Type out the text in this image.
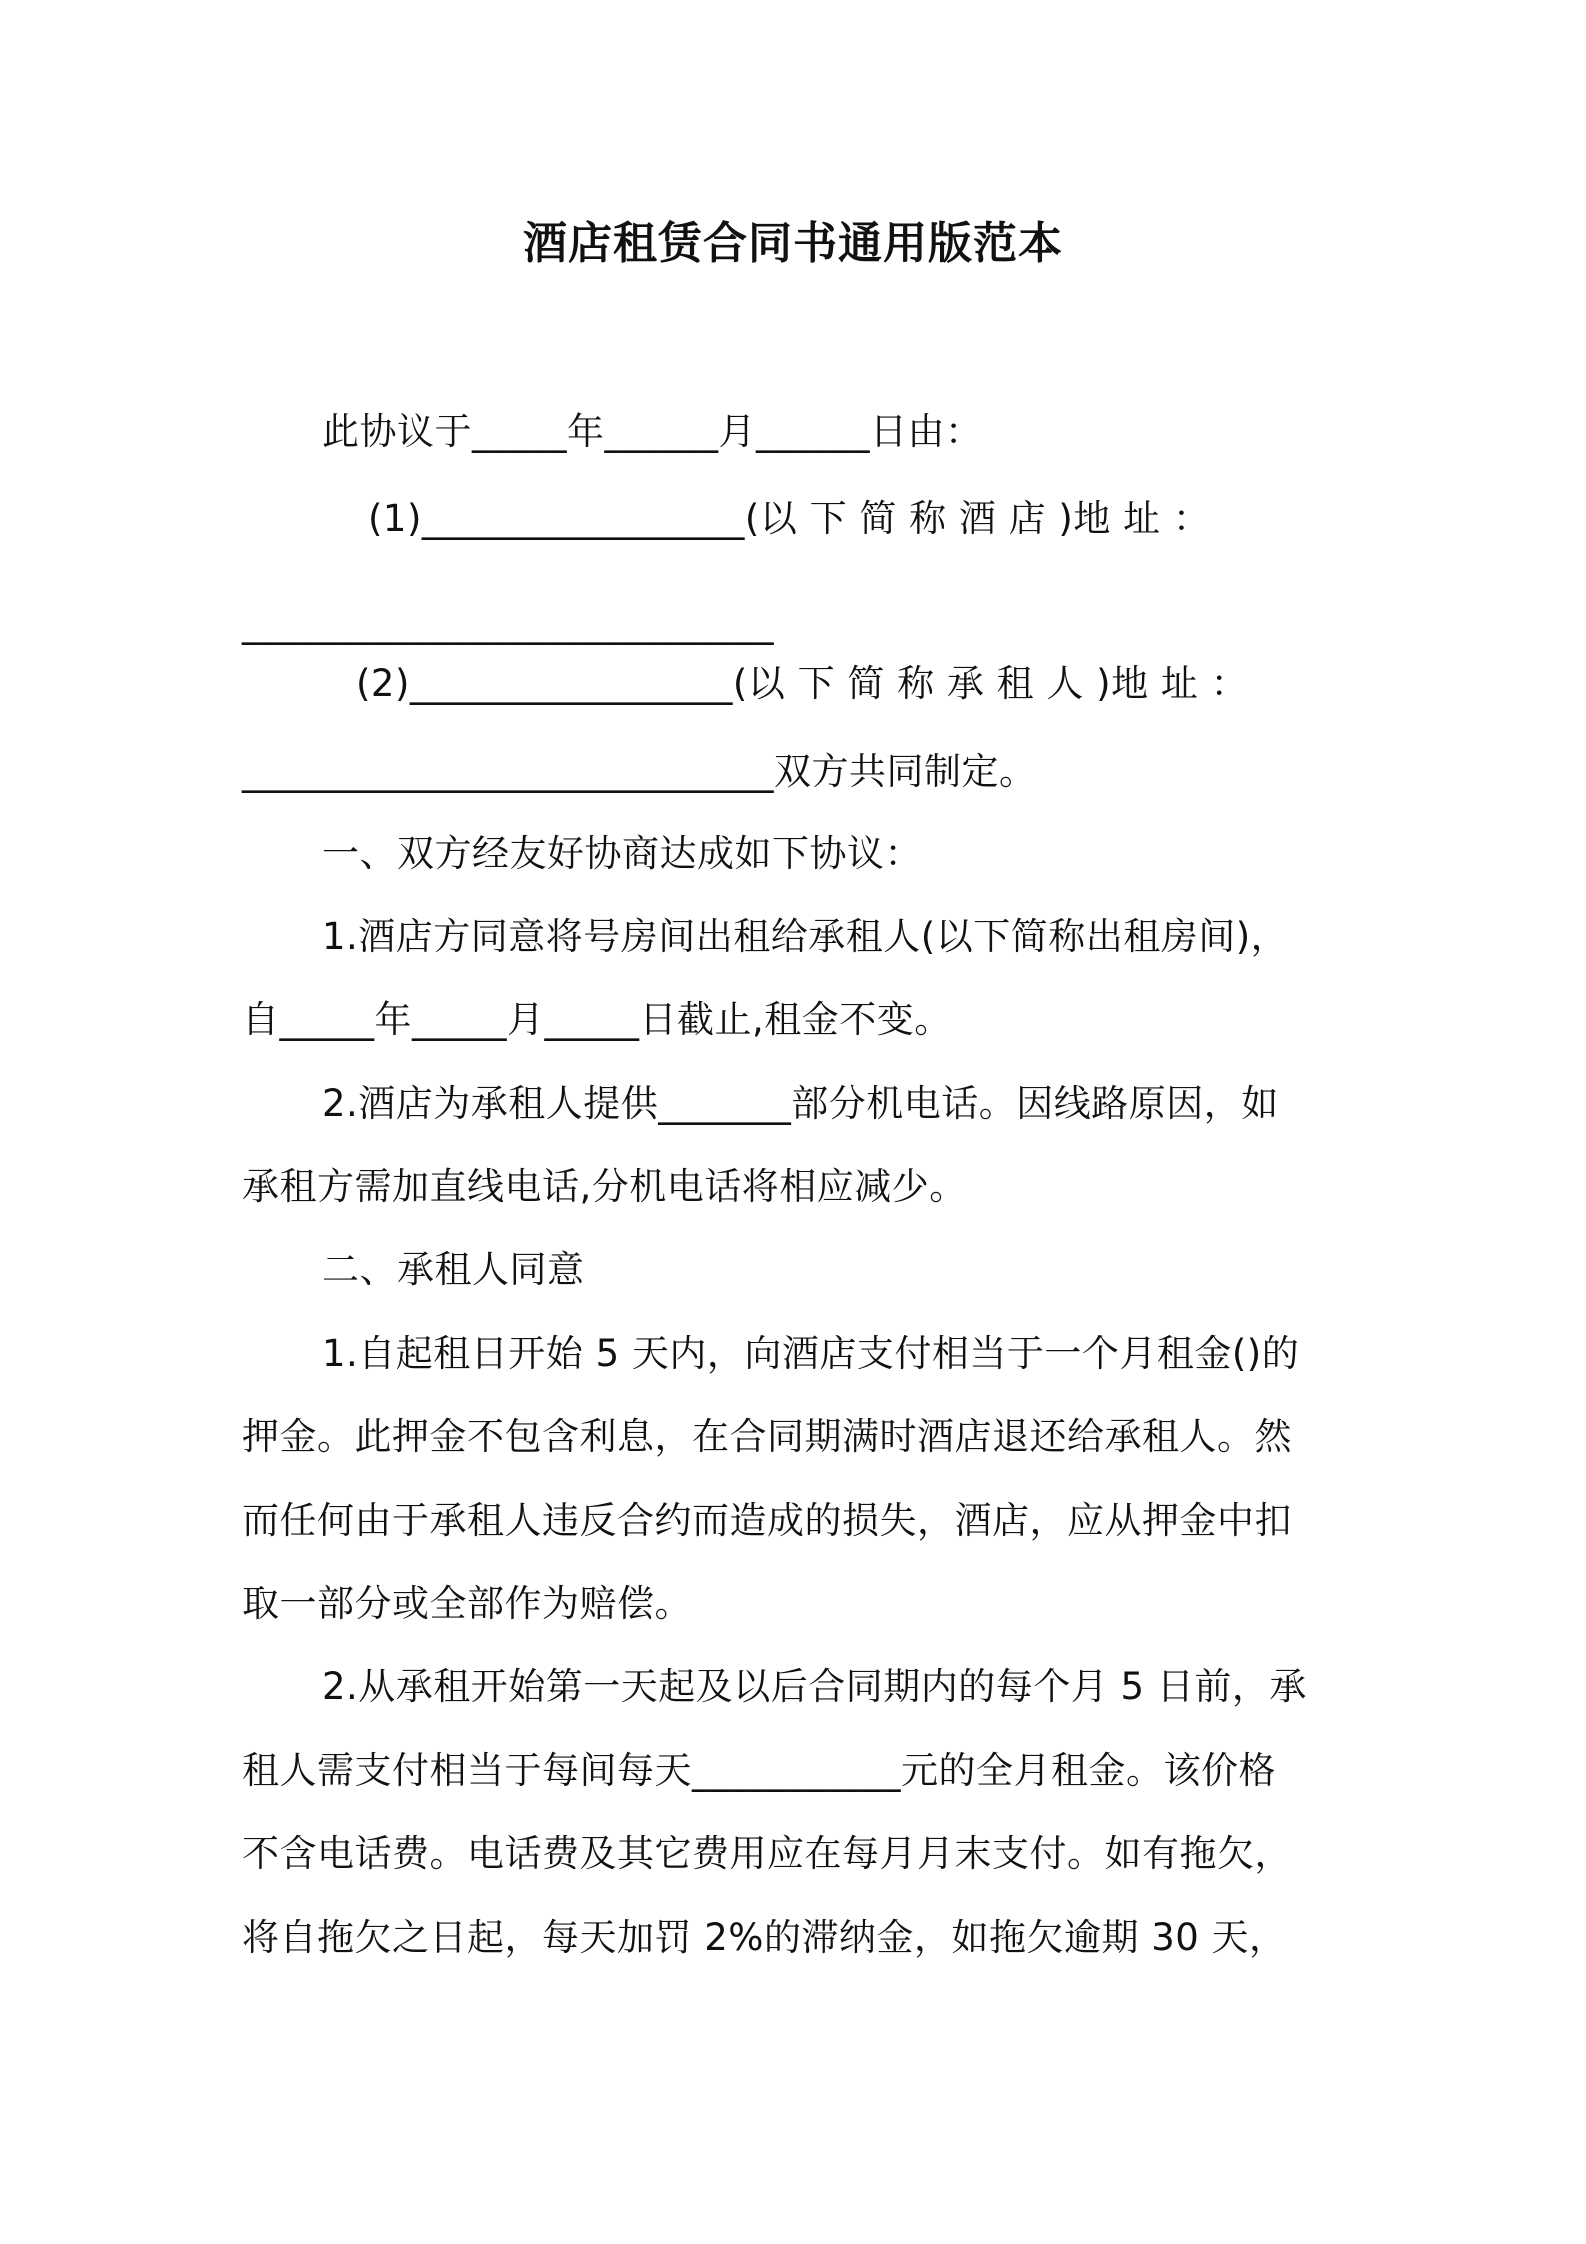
酒店租赁合同书通用版范本
此协议于_____年______月______日由：
(1)_________________(以 下 简 称 酒 店 )地 址 ：
____________________________
(2)_________________(以 下 简 称 承 租 人 )地 址 ：
____________________________双方共同制定。
一、双方经友好协商达成如下协议：
1.酒店方同意将号房间出租给承租人(以下简称出租房间)，
自_____年_____月_____日截止,租金不变。
2.酒店为承租人提供_______部分机电话。因线路原因，如
承租方需加直线电话,分机电话将相应减少。
二、承租人同意
1.自起租日开始 5 天内，向酒店支付相当于一个月租金()的
押金。此押金不包含利息，在合同期满时酒店退还给承租人。然
而任何由于承租人违反合约而造成的损失，酒店，应从押金中扣
取一部分或全部作为赔偿。
2.从承租开始第一天起及以后合同期内的每个月 5 日前，承
租人需支付相当于每间每天___________元的全月租金。该价格
不含电话费。电话费及其它费用应在每月月末支付。如有拖欠，
将自拖欠之日起，每天加罚 2%的滞纳金，如拖欠逾期 30 天，
